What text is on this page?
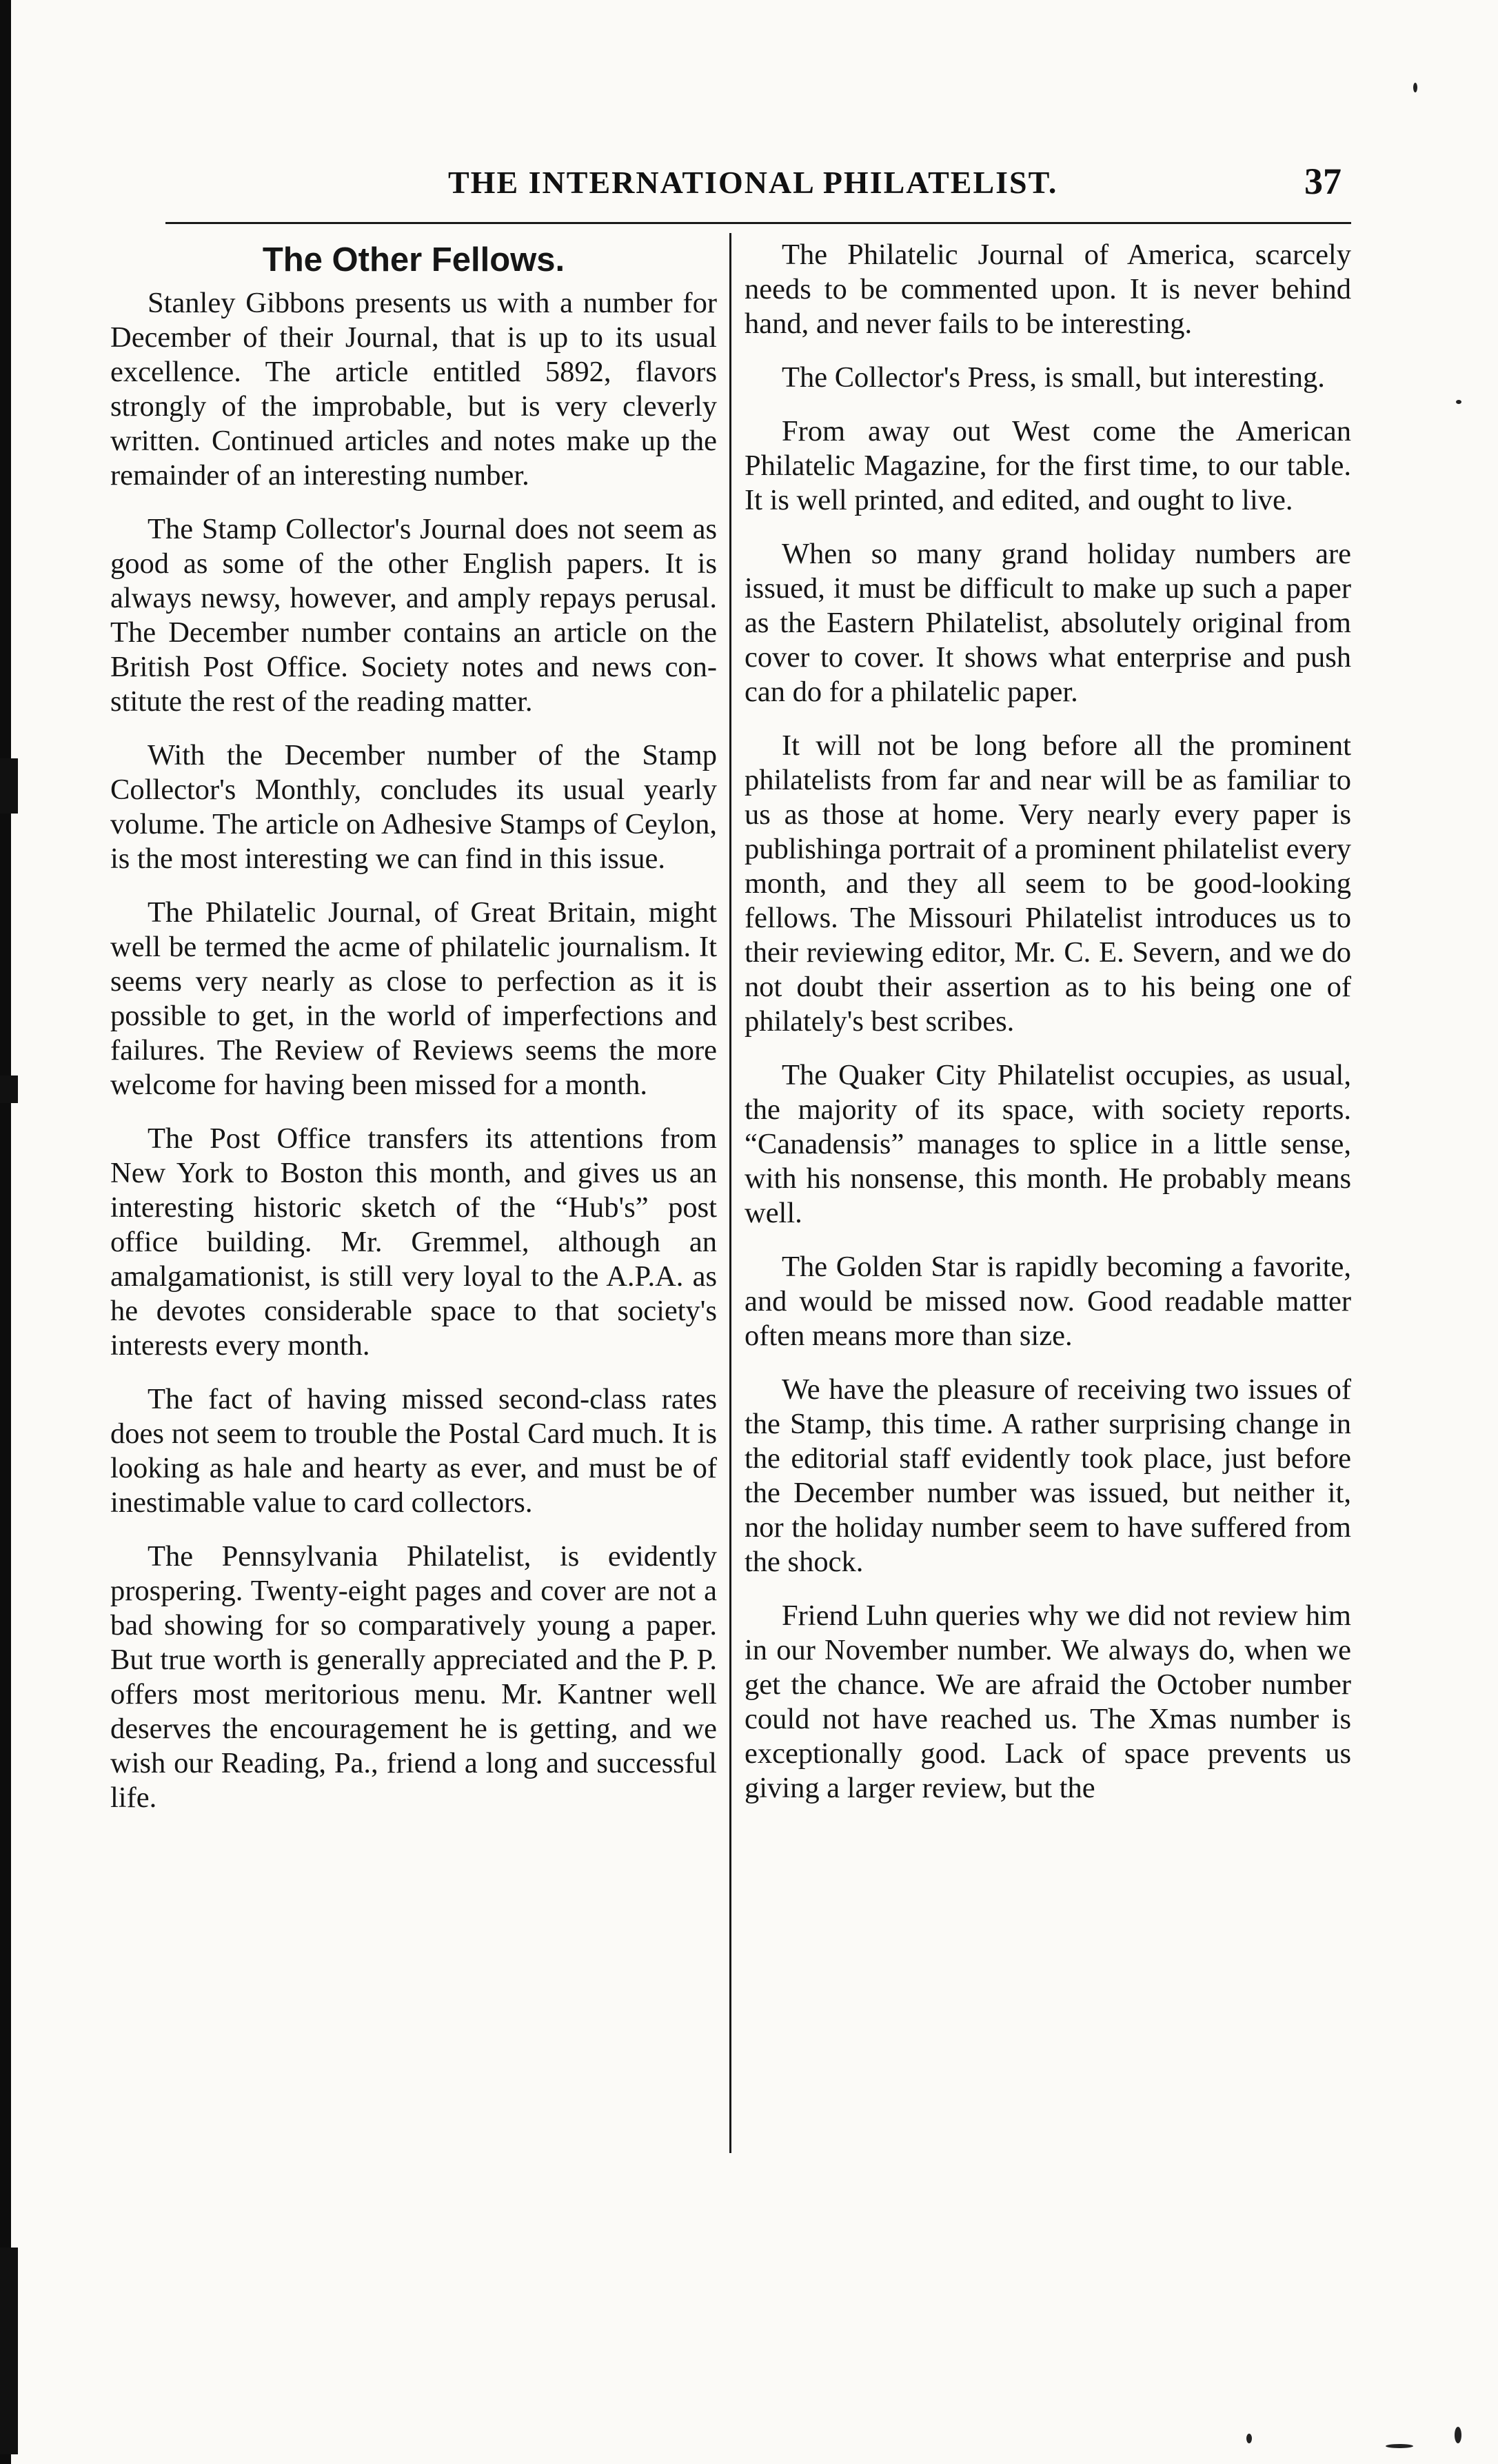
THE INTERNATIONAL PHILATELIST.	37
The Other Fellows.

Stanley Gibbons presents us with a number for December of their Journal, that is up to its usual excellence. The article entitled 5892, flavors strongly of the improbable, but is very cleverly written. Continued articles and notes make up the remainder of an interesting number.

The Stamp Collector's Journal does not seem as good as some of the other English papers. It is always newsy, however, and amply repays perusal. The December number contains an article on the British Post Office. Society notes and news constitute the rest of the reading matter.

With the December number of the Stamp Collector's Monthly, concludes its usual yearly volume. The article on Adhesive Stamps of Ceylon, is the most interesting we can find in this issue.

The Philatelic Journal, of Great Britain, might well be termed the acme of philatelic journalism. It seems very nearly as close to perfection as it is possible to get, in the world of imperfections and failures. The Review of Reviews seems the more welcome for having been missed for a month.

The Post Office transfers its attentions from New York to Boston this month, and gives us an interesting historic sketch of the “Hub's” post office building. Mr. Gremmel, although an amalgamationist, is still very loyal to the A.P.A. as he devotes considerable space to that society's interests every month.

The fact of having missed second-class rates does not seem to trouble the Postal Card much. It is looking as hale and hearty as ever, and must be of inestimable value to card collectors.

The Pennsylvania Philatelist, is evidently prospering. Twenty-eight pages and cover are not a bad showing for so comparatively young a paper. But true worth is generally appreciated and the P. P. offers most meritorious menu. Mr. Kantner well deserves the encouragement he is getting, and we wish our Reading, Pa., friend a long and successful life.

The Philatelic Journal of America, scarcely needs to be commented upon. It is never behind hand, and never fails to be interesting.

The Collector's Press, is small, but interesting.

From away out West come the American Philatelic Magazine, for the first time, to our table. It is well printed, and edited, and ought to live.

When so many grand holiday numbers are issued, it must be difficult to make up such a paper as the Eastern Philatelist, absolutely original from cover to cover. It shows what enterprise and push can do for a philatelic paper.

It will not be long before all the prominent philatelists from far and near will be as familiar to us as those at home. Very nearly every paper is publishinga portrait of a prominent philatelist every month, and they all seem to be good-looking fellows. The Missouri Philatelist introduces us to their reviewing editor, Mr. C. E. Severn, and we do not doubt their assertion as to his being one of philately's best scribes.

The Quaker City Philatelist occupies, as usual, the majority of its space, with society reports. “Canadensis” manages to splice in a little sense, with his nonsense, this month. He probably means well.

The Golden Star is rapidly becoming a favorite, and would be missed now. Good readable matter often means more than size.

We have the pleasure of receiving two issues of the Stamp, this time. A rather surprising change in the editorial staff evidently took place, just before the December number was issued, but neither it, nor the holiday number seem to have suffered from the shock.

Friend Luhn queries why we did not review him in our November number. We always do, when we get the chance. We are afraid the October number could not have reached us. The Xmas number is exceptionally good. Lack of space prevents us giving a larger review, but the
